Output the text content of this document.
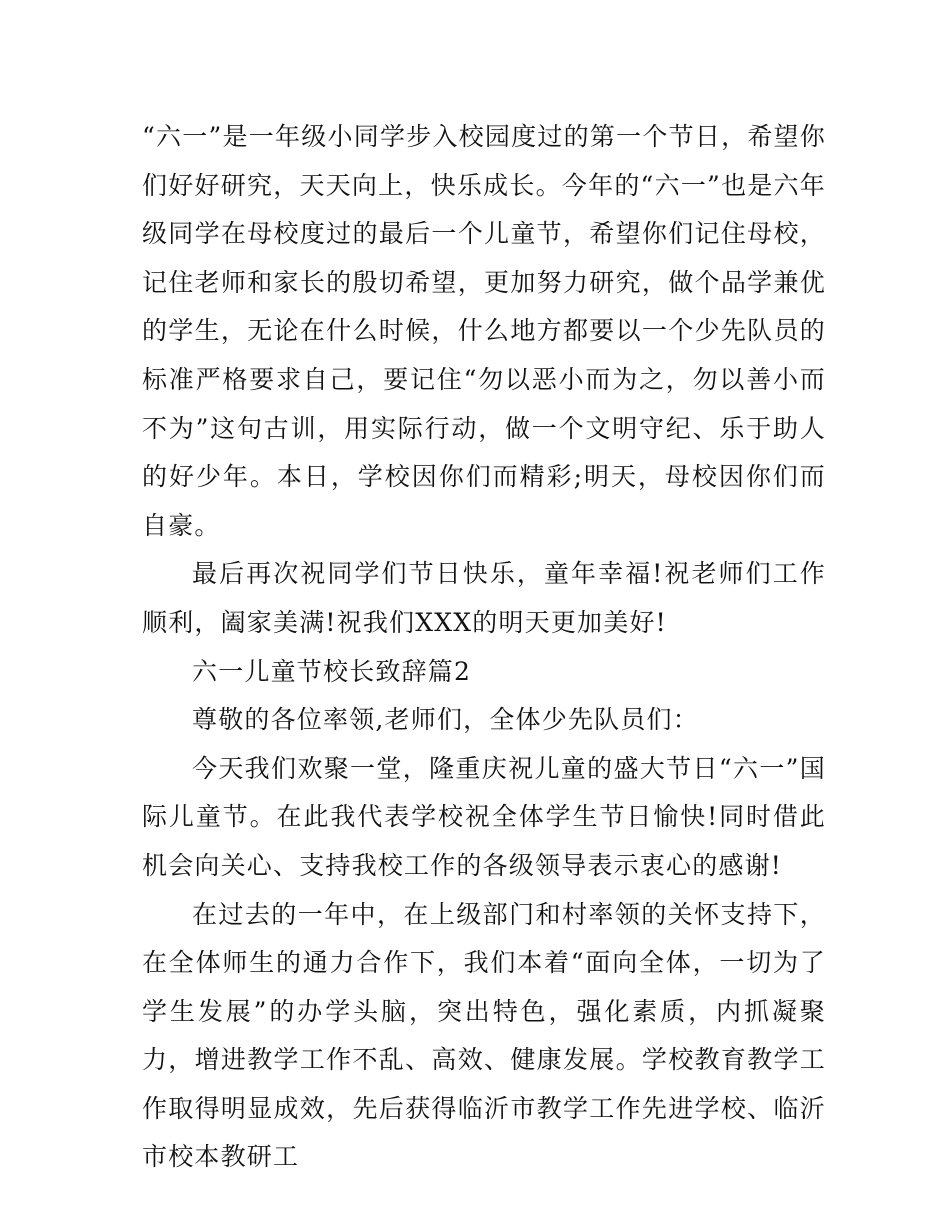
“六一”是一年级小同学步入校园度过的第一个节日，希望你们好好研究，天天向上，快乐成长。今年的“六一”也是六年级同学在母校度过的最后一个儿童节，希望你们记住母校，记住老师和家长的殷切希望，更加努力研究，做个品学兼优的学生，无论在什么时候，什么地方都要以一个少先队员的标准严格要求自己，要记住“勿以恶小而为之，勿以善小而不为”这句古训，用实际行动，做一个文明守纪、乐于助人的好少年。本日，学校因你们而精彩;明天，母校因你们而自豪。

最后再次祝同学们节日快乐，童年幸福!祝老师们工作顺利，阖家美满!祝我们XXX的明天更加美好!

六一儿童节校长致辞篇2

尊敬的各位率领,老师们，全体少先队员们：

今天我们欢聚一堂，隆重庆祝儿童的盛大节日“六一”国际儿童节。在此我代表学校祝全体学生节日愉快!同时借此机会向关心、支持我校工作的各级领导表示衷心的感谢!

在过去的一年中，在上级部门和村率领的关怀支持下，在全体师生的通力合作下，我们本着“面向全体，一切为了学生发展”的办学头脑，突出特色，强化素质，内抓凝聚力，增进教学工作不乱、高效、健康发展。学校教育教学工作取得明显成效，先后获得临沂市教学工作先进学校、临沂市校本教研工
